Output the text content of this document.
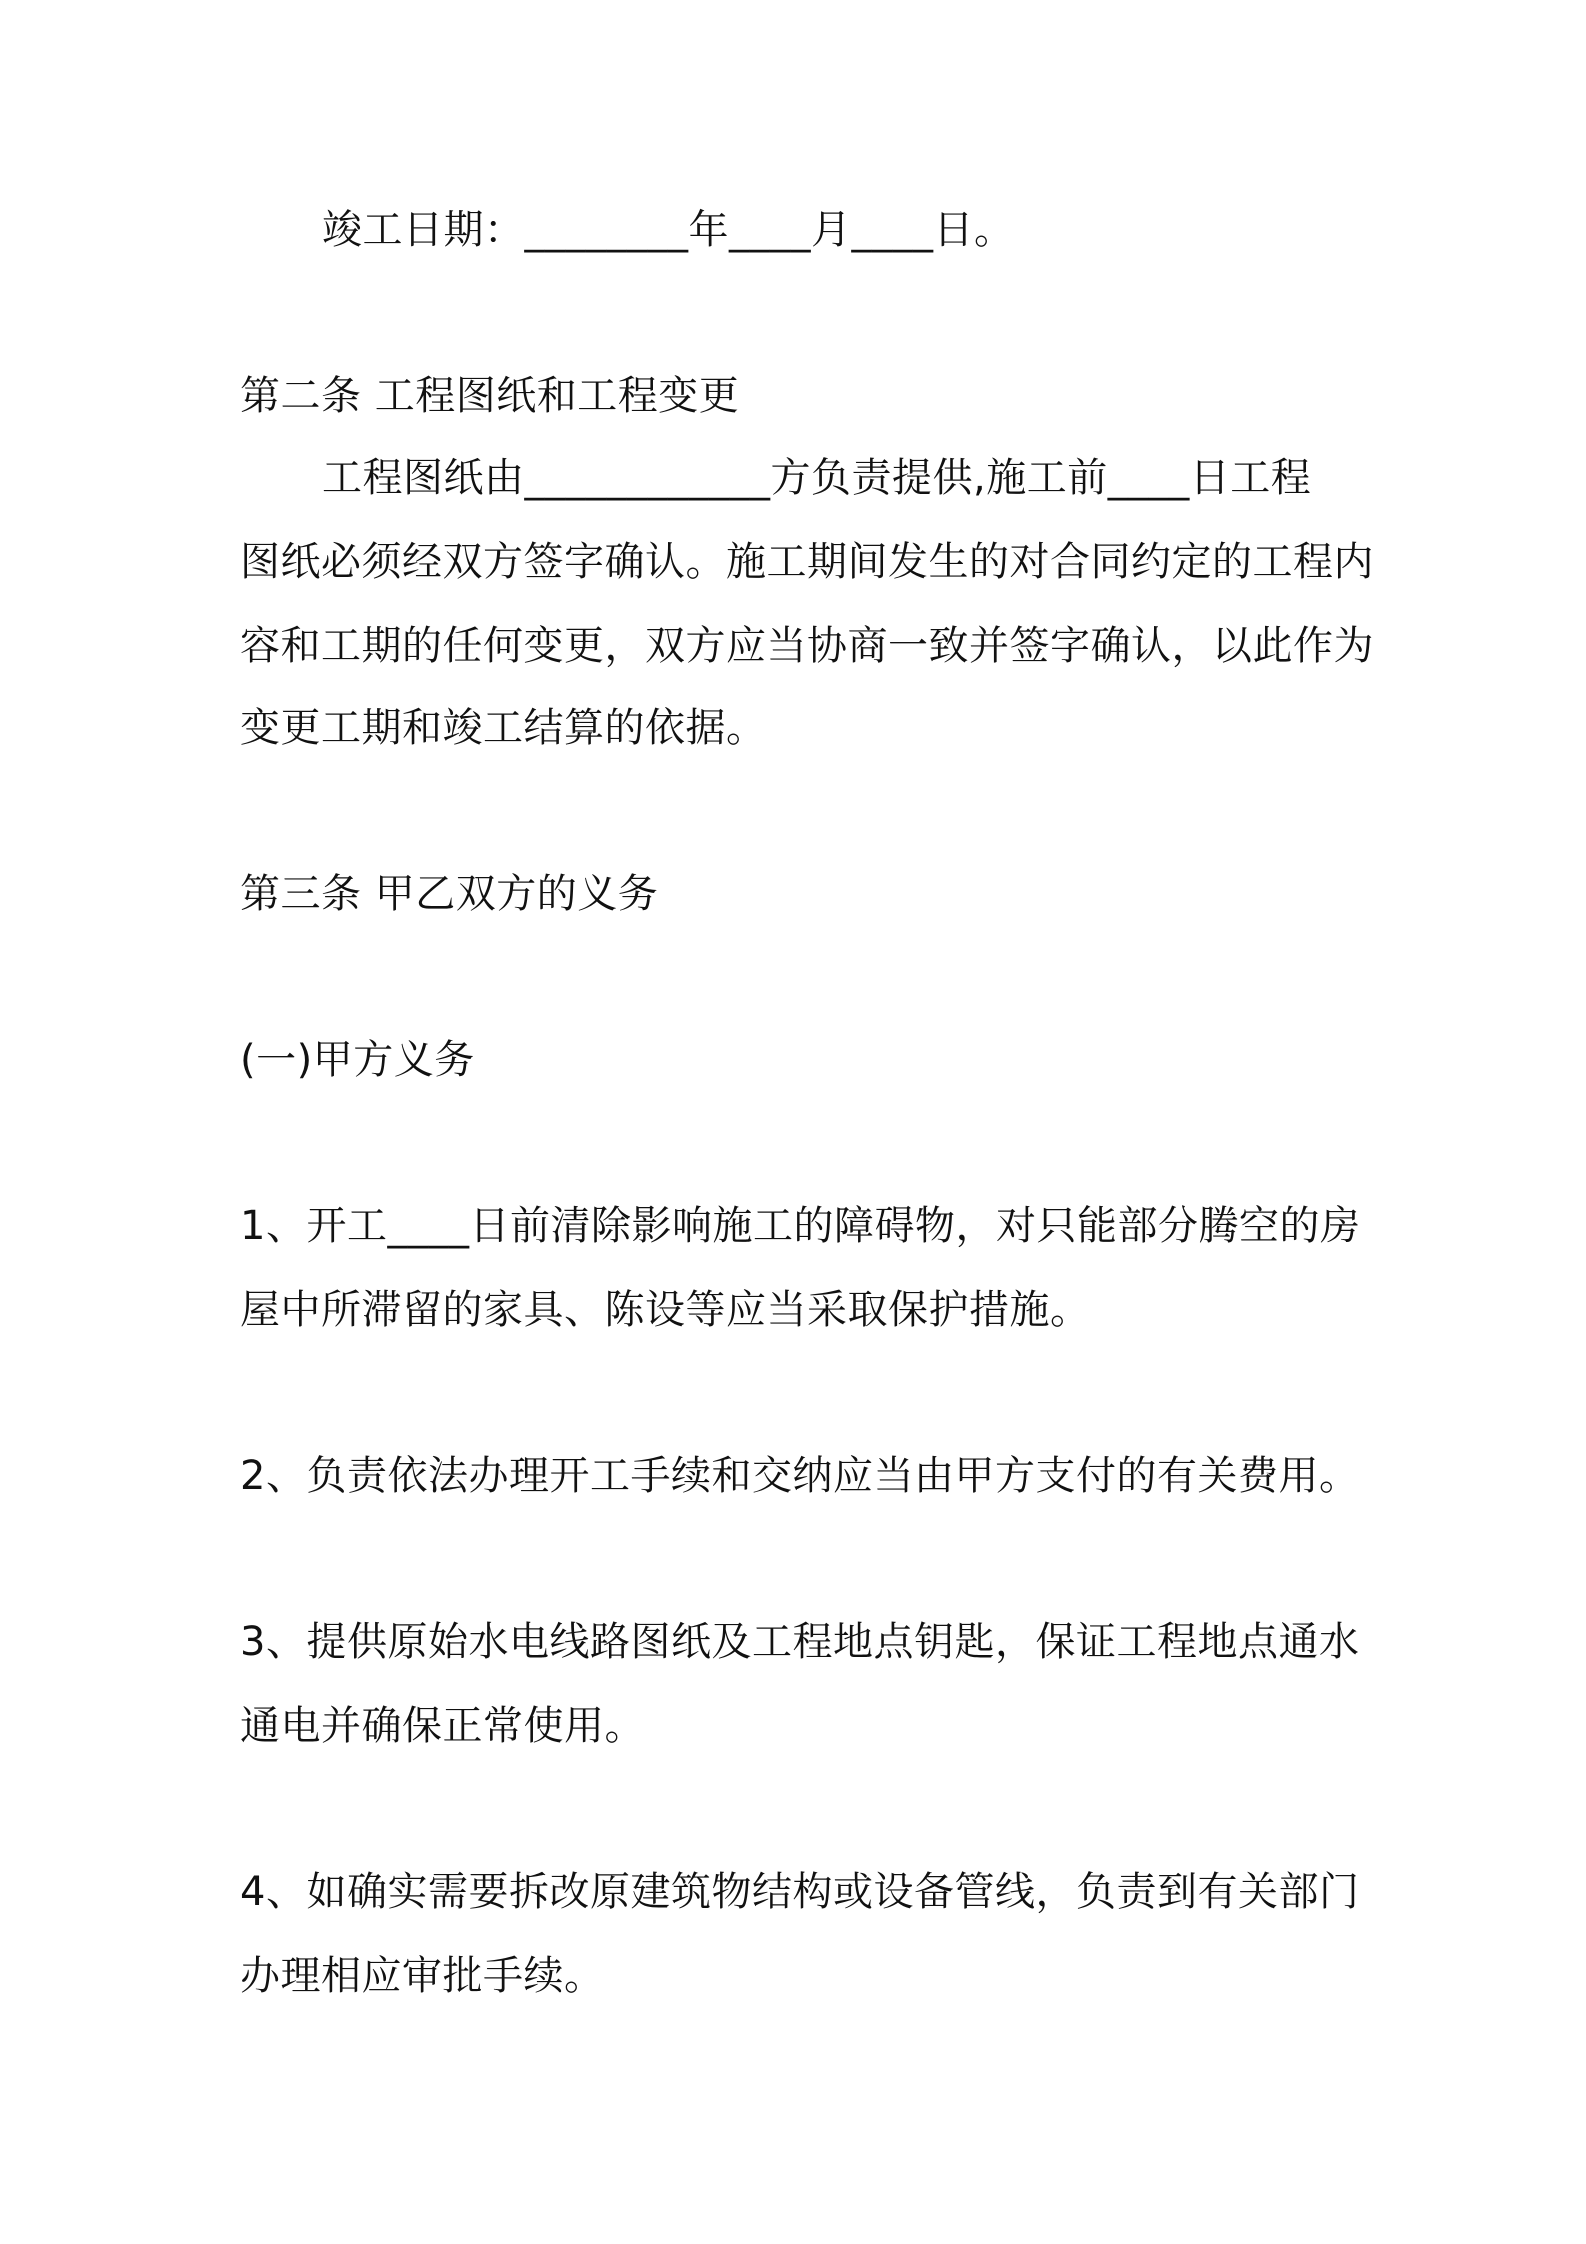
竣工日期：________年____月____日。

第二条 工程图纸和工程变更

工程图纸由____________方负责提供,施工前____日工程

图纸必须经双方签字确认。施工期间发生的对合同约定的工程内

容和工期的任何变更，双方应当协商一致并签字确认，以此作为

变更工期和竣工结算的依据。

第三条 甲乙双方的义务

(一)甲方义务

1、开工____日前清除影响施工的障碍物，对只能部分腾空的房

屋中所滞留的家具、陈设等应当采取保护措施。

2、负责依法办理开工手续和交纳应当由甲方支付的有关费用。

3、提供原始水电线路图纸及工程地点钥匙，保证工程地点通水

通电并确保正常使用。

4、如确实需要拆改原建筑物结构或设备管线，负责到有关部门

办理相应审批手续。
